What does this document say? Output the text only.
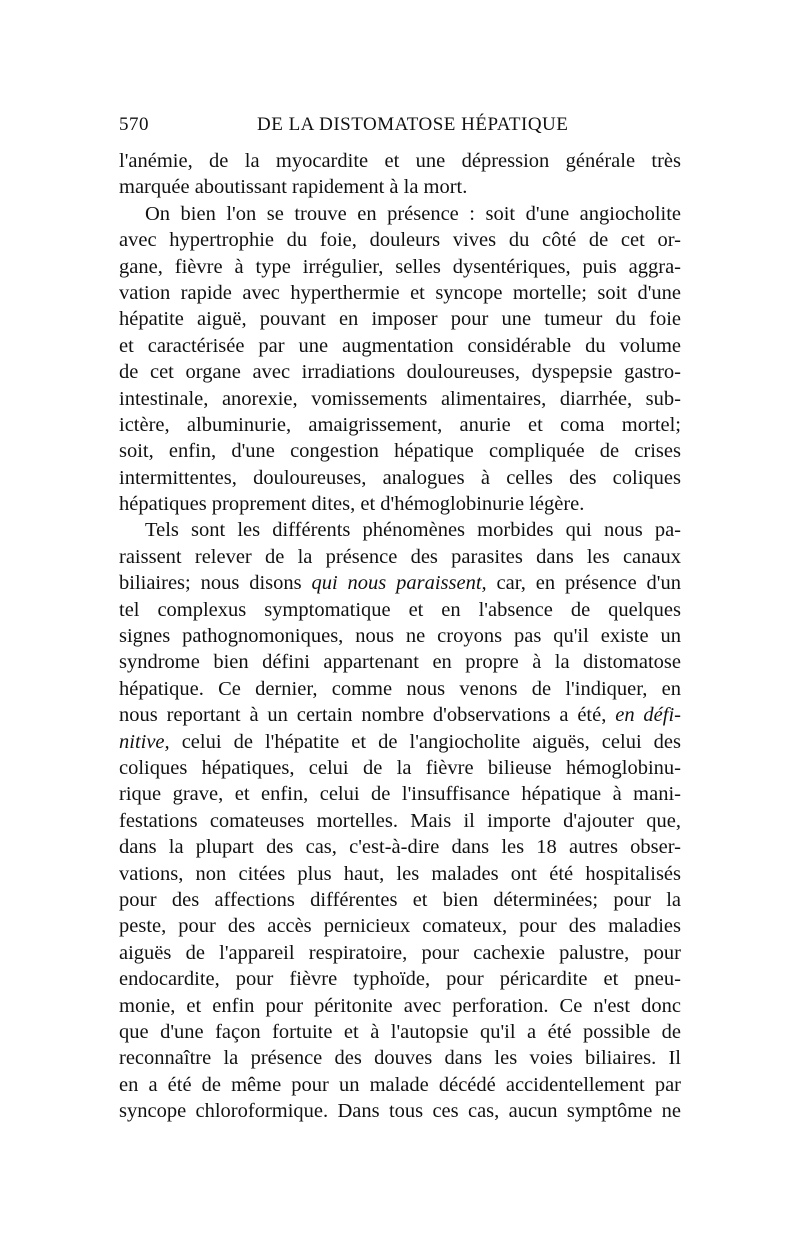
570	DE LA DISTOMATOSE HÉPATIQUE
l'anémie, de la myocardite et une dépression générale très
marquée aboutissant rapidement à la mort.
On bien l'on se trouve en présence : soit d'une angiocholite
avec hypertrophie du foie, douleurs vives du côté de cet or-
gane, fièvre à type irrégulier, selles dysentériques, puis aggra-
vation rapide avec hyperthermie et syncope mortelle; soit d'une
hépatite aiguë, pouvant en imposer pour une tumeur du foie
et caractérisée par une augmentation considérable du volume
de cet organe avec irradiations douloureuses, dyspepsie gastro-
intestinale, anorexie, vomissements alimentaires, diarrhée, sub-
ictère, albuminurie, amaigrissement, anurie et coma mortel;
soit, enfin, d'une congestion hépatique compliquée de crises
intermittentes, douloureuses, analogues à celles des coliques
hépatiques proprement dites, et d'hémoglobinurie légère.
Tels sont les différents phénomènes morbides qui nous pa-
raissent relever de la présence des parasites dans les canaux
biliaires; nous disons qui nous paraissent, car, en présence d'un
tel complexus symptomatique et en l'absence de quelques
signes pathognomoniques, nous ne croyons pas qu'il existe un
syndrome bien défini appartenant en propre à la distomatose
hépatique. Ce dernier, comme nous venons de l'indiquer, en
nous reportant à un certain nombre d'observations a été, en défi-
nitive, celui de l'hépatite et de l'angiocholite aiguës, celui des
coliques hépatiques, celui de la fièvre bilieuse hémoglobinu-
rique grave, et enfin, celui de l'insuffisance hépatique à mani-
festations comateuses mortelles. Mais il importe d'ajouter que,
dans la plupart des cas, c'est-à-dire dans les 18 autres obser-
vations, non citées plus haut, les malades ont été hospitalisés
pour des affections différentes et bien déterminées; pour la
peste, pour des accès pernicieux comateux, pour des maladies
aiguës de l'appareil respiratoire, pour cachexie palustre, pour
endocardite, pour fièvre typhoïde, pour péricardite et pneu-
monie, et enfin pour péritonite avec perforation. Ce n'est donc
que d'une façon fortuite et à l'autopsie qu'il a été possible de
reconnaître la présence des douves dans les voies biliaires. Il
en a été de même pour un malade décédé accidentellement par
syncope chloroformique. Dans tous ces cas, aucun symptôme ne
